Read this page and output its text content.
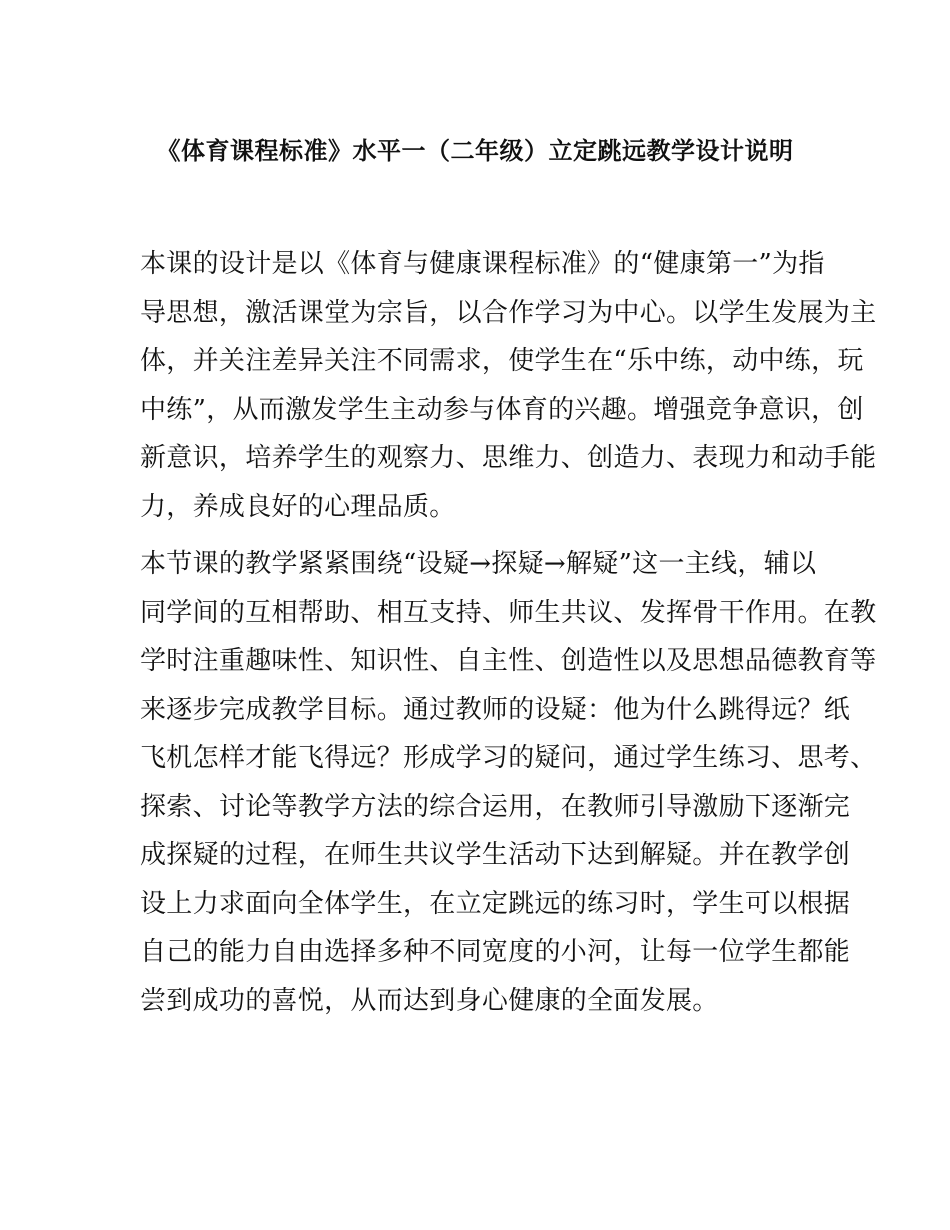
《体育课程标准》水平一（二年级）立定跳远教学设计说明

本课的设计是以《体育与健康课程标准》的“健康第一”为指
导思想，激活课堂为宗旨，以合作学习为中心。以学生发展为主
体，并关注差异关注不同需求，使学生在“乐中练，动中练，玩
中练”，从而激发学生主动参与体育的兴趣。增强竞争意识，创
新意识，培养学生的观察力、思维力、创造力、表现力和动手能
力，养成良好的心理品质。

本节课的教学紧紧围绕“设疑→探疑→解疑”这一主线，辅以
同学间的互相帮助、相互支持、师生共议、发挥骨干作用。在教
学时注重趣味性、知识性、自主性、创造性以及思想品德教育等
来逐步完成教学目标。通过教师的设疑：他为什么跳得远？纸
飞机怎样才能飞得远？形成学习的疑问，通过学生练习、思考、
探索、讨论等教学方法的综合运用，在教师引导激励下逐渐完
成探疑的过程，在师生共议学生活动下达到解疑。并在教学创
设上力求面向全体学生，在立定跳远的练习时，学生可以根据
自己的能力自由选择多种不同宽度的小河，让每一位学生都能
尝到成功的喜悦，从而达到身心健康的全面发展。
